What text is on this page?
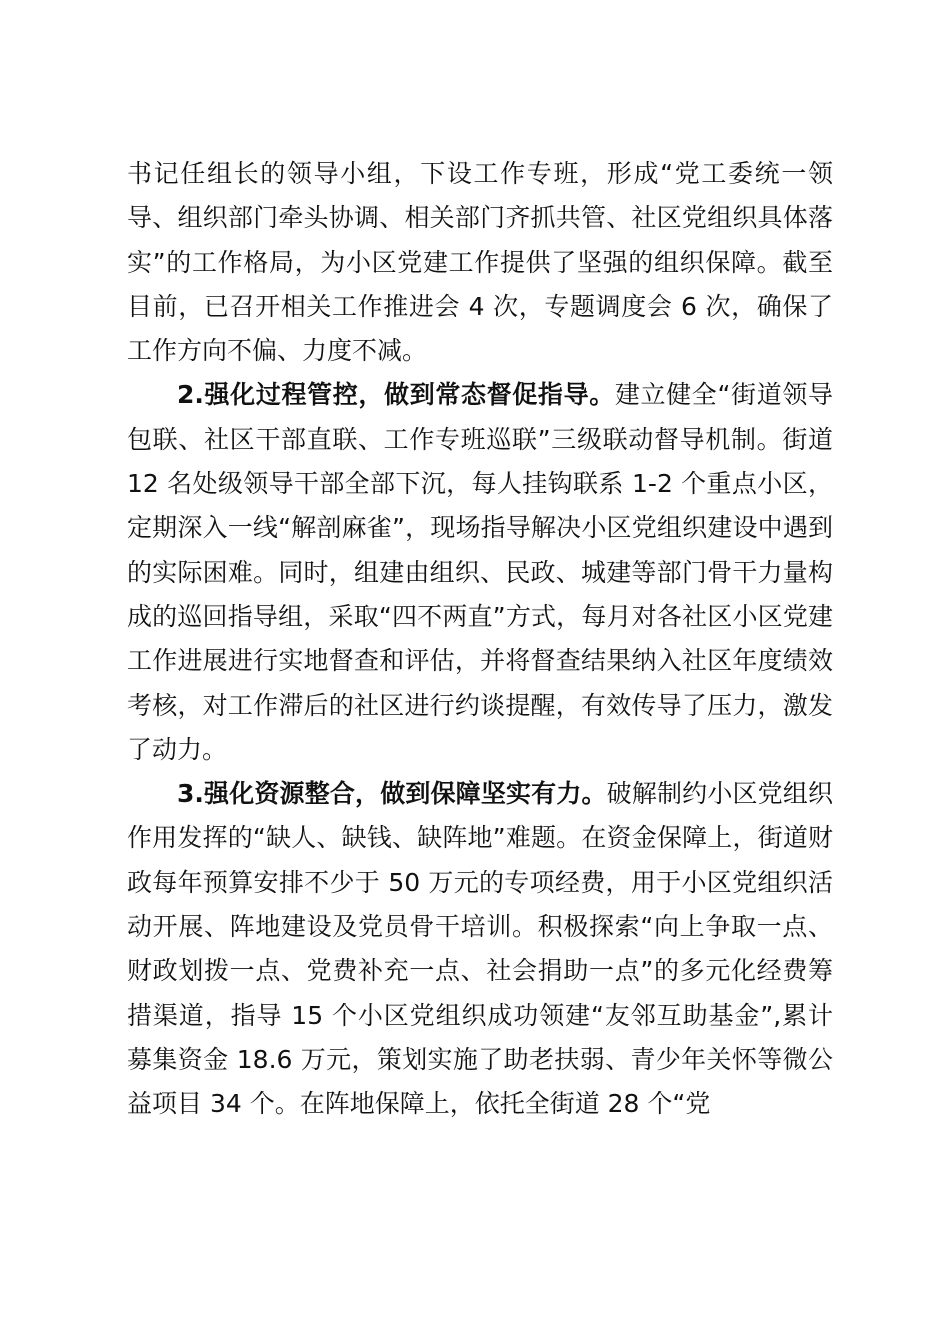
书记任组长的领导小组，下设工作专班，形成“党工委统一领导、组织部门牵头协调、相关部门齐抓共管、社区党组织具体落实”的工作格局，为小区党建工作提供了坚强的组织保障。截至目前，已召开相关工作推进会 4 次，专题调度会 6 次，确保了工作方向不偏、力度不减。

2.强化过程管控，做到常态督促指导。建立健全“街道领导包联、社区干部直联、工作专班巡联”三级联动督导机制。街道 12 名处级领导干部全部下沉，每人挂钩联系 1-2 个重点小区，定期深入一线“解剖麻雀”，现场指导解决小区党组织建设中遇到的实际困难。同时，组建由组织、民政、城建等部门骨干力量构成的巡回指导组，采取“四不两直”方式，每月对各社区小区党建工作进展进行实地督查和评估，并将督查结果纳入社区年度绩效考核，对工作滞后的社区进行约谈提醒，有效传导了压力，激发了动力。

3.强化资源整合，做到保障坚实有力。破解制约小区党组织作用发挥的“缺人、缺钱、缺阵地”难题。在资金保障上，街道财政每年预算安排不少于 50 万元的专项经费，用于小区党组织活动开展、阵地建设及党员骨干培训。积极探索“向上争取一点、财政划拨一点、党费补充一点、社会捐助一点”的多元化经费筹措渠道，指导 15 个小区党组织成功领建“友邻互助基金”,累计募集资金 18.6 万元，策划实施了助老扶弱、青少年关怀等微公益项目 34 个。在阵地保障上，依托全街道 28 个“党
